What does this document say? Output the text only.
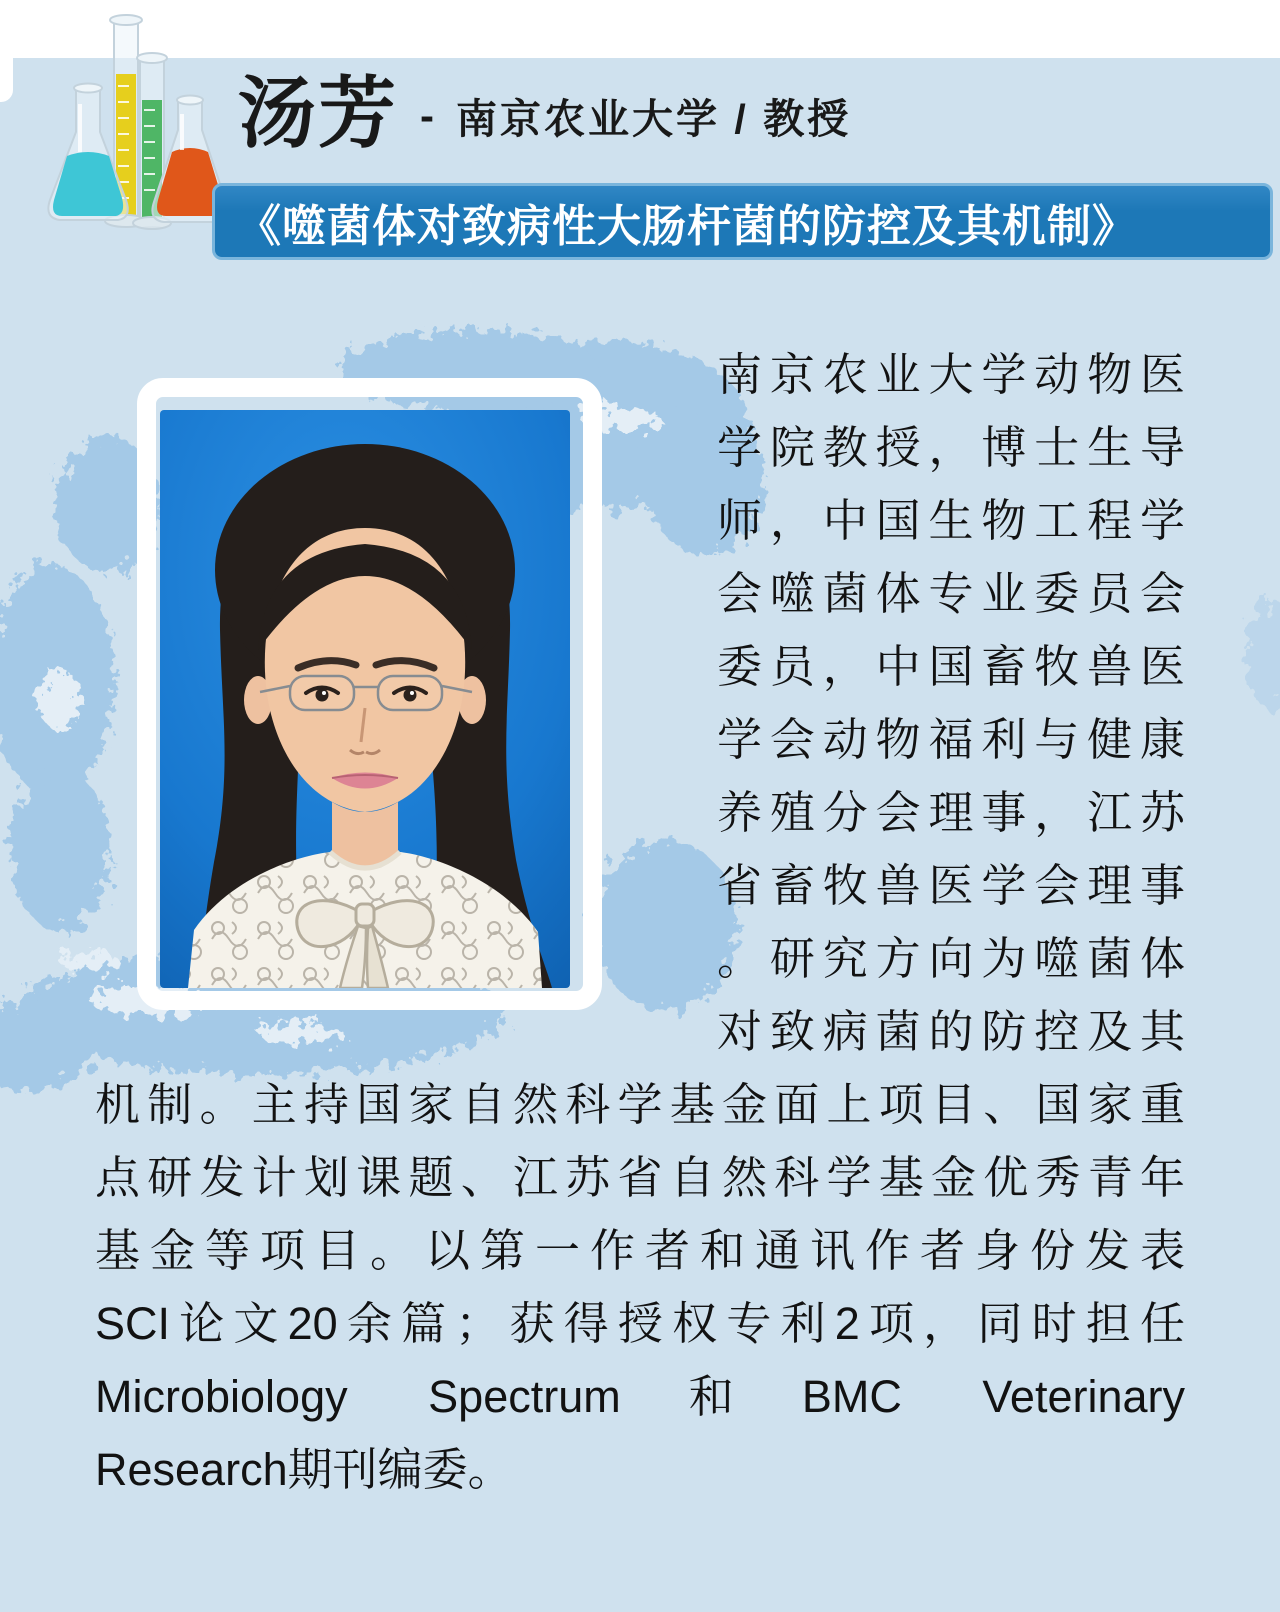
汤芳 - 南京农业大学 / 教授
《噬菌体对致病性大肠杆菌的防控及其机制》
南京农业大学动物医
学院教授，博士生导
师，中国生物工程学
会噬菌体专业委员会
委员，中国畜牧兽医
学会动物福利与健康
养殖分会理事，江苏
省畜牧兽医学会理事
。研究方向为噬菌体
对致病菌的防控及其
机制。主持国家自然科学基金面上项目、国家重
点研发计划课题、江苏省自然科学基金优秀青年
基金等项目。以第一作者和通讯作者身份发表
SCI论文20余篇；获得授权专利2项，同时担任
Microbiology Spectrum和BMC Veterinary
Research期刊编委。
